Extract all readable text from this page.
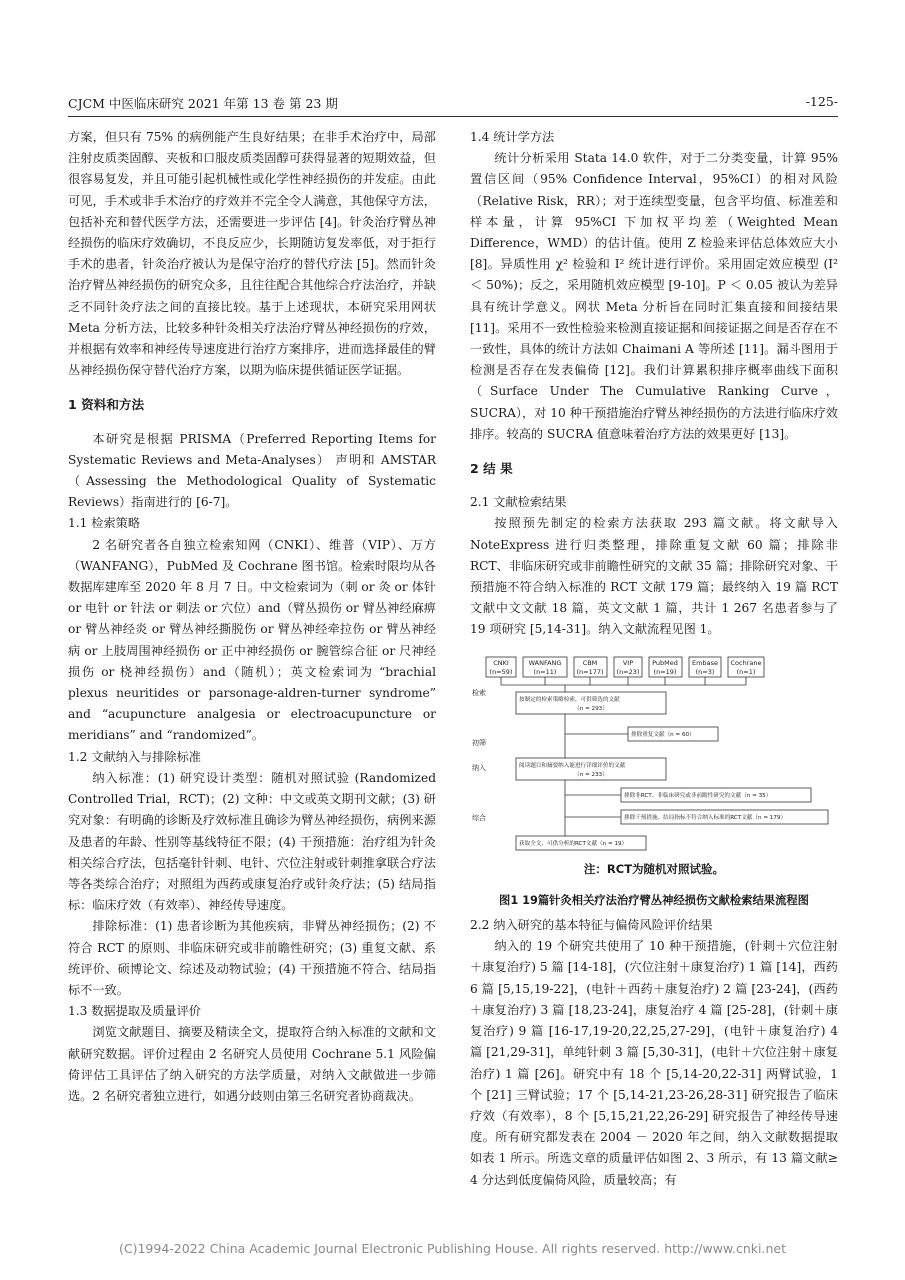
CJCM 中医临床研究 2021 年第 13 卷 第 23 期	-125-

方案，但只有 75% 的病例能产生良好结果；在非手术治疗中，局部注射皮质类固醇、夹板和口服皮质类固醇可获得显著的短期效益，但很容易复发，并且可能引起机械性或化学性神经损伤的并发症。由此可见，手术或非手术治疗的疗效并不完全令人满意，其他保守方法，包括补充和替代医学方法，还需要进一步评估 [4]。针灸治疗臂丛神经损伤的临床疗效确切，不良反应少，长期随访复发率低，对于拒行手术的患者，针灸治疗被认为是保守治疗的替代疗法 [5]。然而针灸治疗臂丛神经损伤的研究众多，且往往配合其他综合疗法治疗，并缺乏不同针灸疗法之间的直接比较。基于上述现状，本研究采用网状 Meta 分析方法，比较多种针灸相关疗法治疗臂丛神经损伤的疗效，并根据有效率和神经传导速度进行治疗方案排序，进而选择最佳的臂丛神经损伤保守替代治疗方案，以期为临床提供循证医学证据。

1 资料和方法

本研究是根据 PRISMA（Preferred Reporting Items for Systematic Reviews and Meta-Analyses） 声明和 AMSTAR（Assessing the Methodological Quality of Systematic Reviews）指南进行的 [6-7]。

1.1 检索策略

2 名研究者各自独立检索知网（CNKI）、维普（VIP）、万方（WANFANG），PubMed 及 Cochrane 图书馆。检索时限均从各数据库建库至 2020 年 8 月 7 日。中文检索词为（刺 or 灸 or 体针 or 电针 or 针法 or 刺法 or 穴位）and（臂丛损伤 or 臂丛神经麻痹 or 臂丛神经炎 or 臂丛神经撕脱伤 or 臂丛神经牵拉伤 or 臂丛神经病 or 上肢周围神经损伤 or 正中神经损伤 or 腕管综合征 or 尺神经损伤 or 桡神经损伤）and（随机）；英文检索词为 “brachial plexus neuritides or parsonage-aldren-turner syndrome” and “acupuncture analgesia or electroacupuncture or meridians” and “randomized”。

1.2 文献纳入与排除标准

纳入标准：(1) 研究设计类型：随机对照试验 (Randomized Controlled Trial，RCT)；(2) 文种：中文或英文期刊文献；(3) 研究对象：有明确的诊断及疗效标准且确诊为臂丛神经损伤，病例来源及患者的年龄、性别等基线特征不限；(4) 干预措施：治疗组为针灸相关综合疗法，包括毫针针刺、电针、穴位注射或针刺推拿联合疗法等各类综合治疗；对照组为西药或康复治疗或针灸疗法；(5) 结局指标：临床疗效（有效率）、神经传导速度。

排除标准：(1) 患者诊断为其他疾病，非臂丛神经损伤；(2) 不符合 RCT 的原则、非临床研究或非前瞻性研究；(3) 重复文献、系统评价、硕博论文、综述及动物试验；(4) 干预措施不符合、结局指标不一致。

1.3 数据提取及质量评价

浏览文献题目、摘要及精读全文，提取符合纳入标准的文献和文献研究数据。评价过程由 2 名研究人员使用 Cochrane 5.1 风险偏倚评估工具评估了纳入研究的方法学质量，对纳入文献做进一步筛选。2 名研究者独立进行，如遇分歧则由第三名研究者协商裁决。

1.4 统计学方法

统计分析采用 Stata 14.0 软件，对于二分类变量，计算 95% 置信区间（95% Confidence Interval，95%CI）的相对风险（Relative Risk，RR）；对于连续型变量，包含平均值、标准差和样本量，计算 95%CI 下加权平均差（Weighted Mean Difference，WMD）的估计值。使用 Z 检验来评估总体效应大小 [8]。异质性用 χ² 检验和 I² 统计进行评价。采用固定效应模型 (I² ＜ 50%)；反之，采用随机效应模型 [9-10]。P ＜ 0.05 被认为差异具有统计学意义。网状 Meta 分析旨在同时汇集直接和间接结果 [11]。采用不一致性检验来检测直接证据和间接证据之间是否存在不一致性，具体的统计方法如 Chaimani A 等所述 [11]。漏斗图用于检测是否存在发表偏倚 [12]。我们计算累积排序概率曲线下面积（Surface Under The Cumulative Ranking Curve，SUCRA），对 10 种干预措施治疗臂丛神经损伤的方法进行临床疗效排序。较高的 SUCRA 值意味着治疗方法的效果更好 [13]。

2 结 果

2.1 文献检索结果

按照预先制定的检索方法获取 293 篇文献。将文献导入 NoteExpress 进行归类整理，排除重复文献 60 篇；排除非 RCT、非临床研究或非前瞻性研究的文献 35 篇；排除研究对象、干预措施不符合纳入标准的 RCT 文献 179 篇；最终纳入 19 篇 RCT 文献中文文献 18 篇，英文文献 1 篇，共计 1 267 名患者参与了 19 项研究 [5,14-31]。纳入文献流程见图 1。

CNKI
(n=59)
WANFANG
(n=11)
CBM
(n=177)
VIP
(n=23)
PubMed
(n=19)
Embase
(n=3)
Cochrane
(n=1)
检索
初筛
纳入
综合
按制定的检索策略检索，可供筛选的文献
（n = 293）
排除重复文献（n = 60）
阅读题目和摘要纳入能进行详细评价的文献
（n = 233）
排除非RCT、非临床研究或非前瞻性研究的文献（n = 35）
排除干预措施、结局指标不符合纳入标准的RCT文献（n = 179）
获取全文、可供分析的RCT文献（n = 19）

注：RCT为随机对照试验。

图1 19篇针灸相关疗法治疗臂丛神经损伤文献检索结果流程图

2.2 纳入研究的基本特征与偏倚风险评价结果

纳入的 19 个研究共使用了 10 种干预措施，(针刺＋穴位注射＋康复治疗) 5 篇 [14-18]，(穴位注射＋康复治疗) 1 篇 [14]，西药 6 篇 [5,15,19-22]，(电针＋西药＋康复治疗) 2 篇 [23-24]，(西药＋康复治疗) 3 篇 [18,23-24]，康复治疗 4 篇 [25-28]，(针刺＋康复治疗) 9 篇 [16-17,19-20,22,25,27-29]，(电针＋康复治疗) 4 篇 [21,29-31]，单纯针刺 3 篇 [5,30-31]，(电针＋穴位注射＋康复治疗) 1 篇 [26]。研究中有 18 个 [5,14-20,22-31] 两臂试验，1 个 [21] 三臂试验；17 个 [5,14-21,23-26,28-31] 研究报告了临床疗效（有效率），8 个 [5,15,21,22,26-29] 研究报告了神经传导速度。所有研究都发表在 2004 － 2020 年之间，纳入文献数据提取如表 1 所示。所选文章的质量评估如图 2、3 所示，有 13 篇文献≥ 4 分达到低度偏倚风险，质量较高；有

(C)1994-2022 China Academic Journal Electronic Publishing House. All rights reserved. http://www.cnki.net
